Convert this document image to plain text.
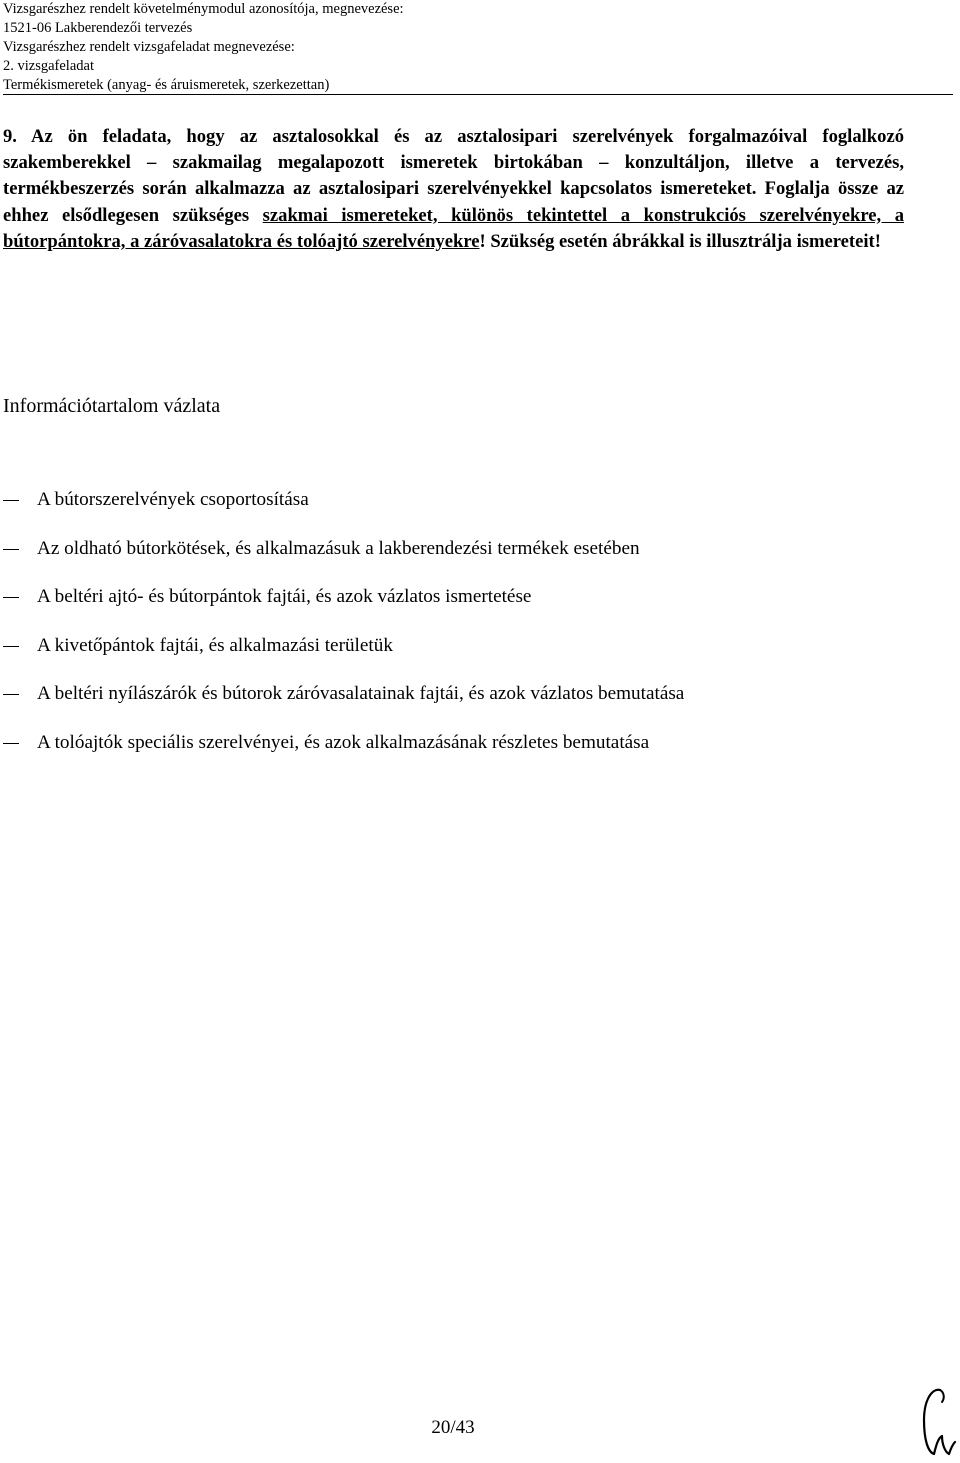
Vizsgarészhez rendelt követelménymodul azonosítója, megnevezése:
1521-06 Lakberendezői tervezés
Vizsgarészhez rendelt vizsgafeladat megnevezése:
2. vizsgafeladat
Termékismeretek (anyag- és áruismeretek, szerkezettan)
9. Az ön feladata, hogy az asztalosokkal és az asztalosipari szerelvények forgalmazóival foglalkozó szakemberekkel ‒ szakmailag megalapozott ismeretek birtokában ‒ konzultáljon, illetve a tervezés, termékbeszerzés során alkalmazza az asztalosipari szerelvényekkel kapcsolatos ismereteket. Foglalja össze az ehhez elsődlegesen szükséges szakmai ismereteket, különös tekintettel a konstrukciós szerelvényekre, a bútorpántokra, a záróvasalatokra és tolóajtó szerelvényekre! Szükség esetén ábrákkal is illusztrálja ismereteit!
Információtartalom vázlata
A bútorszerelvények csoportosítása
Az oldható bútorkötések, és alkalmazásuk a lakberendezési termékek esetében
A beltéri ajtó- és bútorpántok fajtái, és azok vázlatos ismertetése
A kivetőpántok fajtái, és alkalmazási területük
A beltéri nyílászárók és bútorok záróvasalatainak fajtái, és azok vázlatos bemutatása
A tolóajtók speciális szerelvényei, és azok alkalmazásának részletes bemutatása
20/43
